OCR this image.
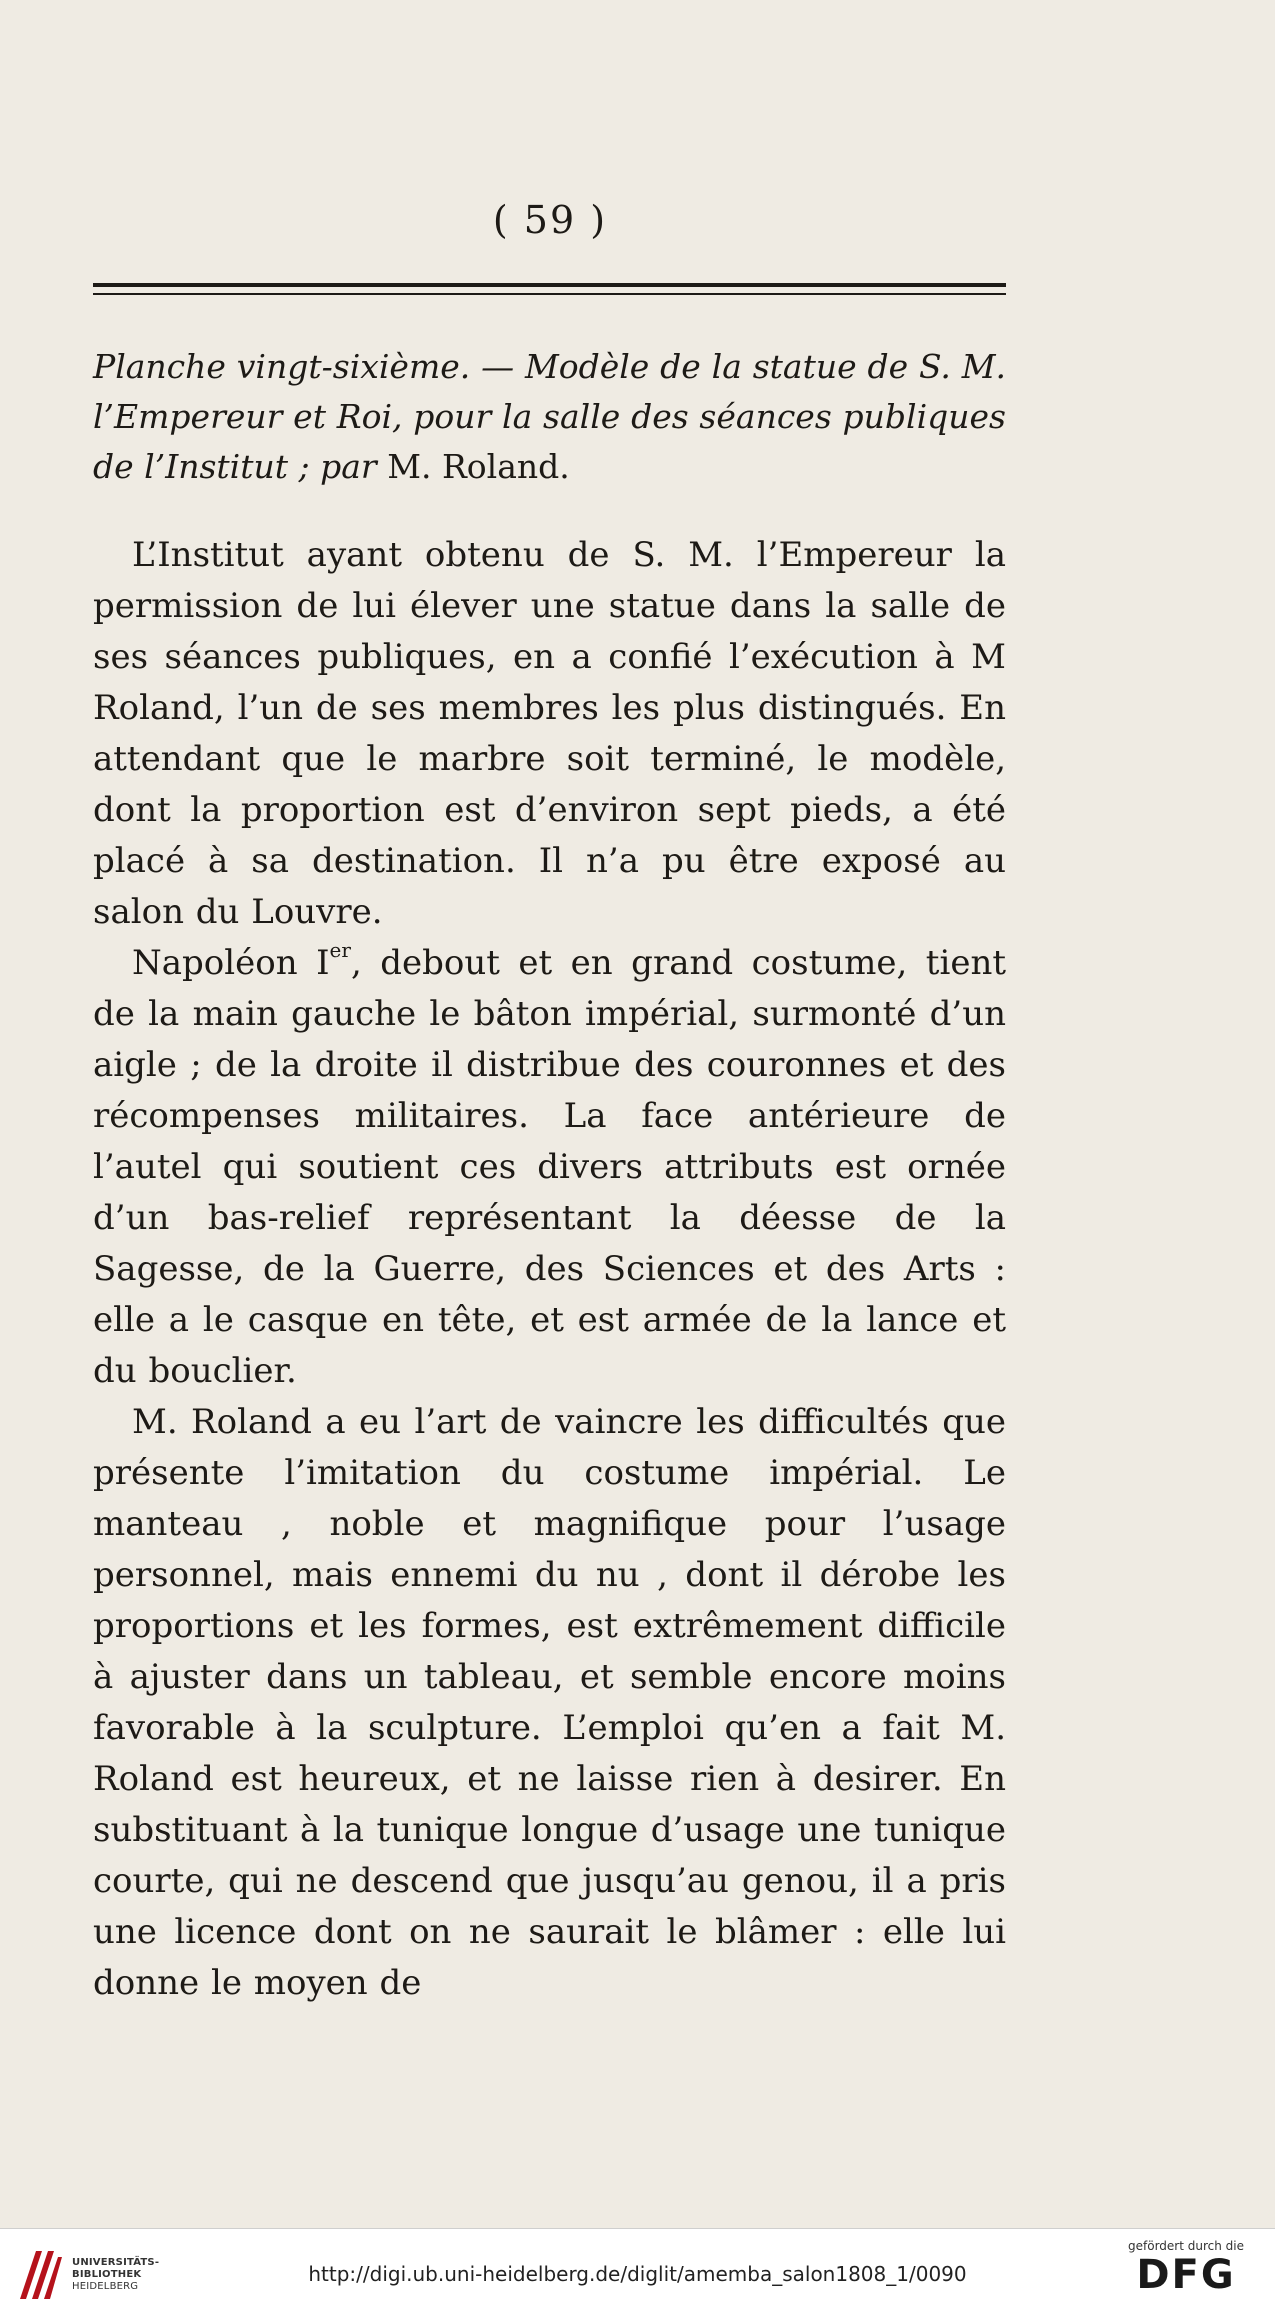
( 59 )
Planche vingt-sixième. — Modèle de la statue de S. M. l’Empereur et Roi, pour la salle des séances publiques de l’Institut ; par M. Roland.

L’Institut ayant obtenu de S. M. l’Empereur la permission de lui élever une statue dans la salle de ses séances publiques, en a confié l’exécution à M Roland, l’un de ses membres les plus distingués. En attendant que le marbre soit terminé, le modèle, dont la proportion est d’environ sept pieds, a été placé à sa destination. Il n’a pu être exposé au salon du Louvre.

Napoléon Ier, debout et en grand costume, tient de la main gauche le bâton impérial, surmonté d’un aigle ; de la droite il distribue des couronnes et des récompenses militaires. La face antérieure de l’autel qui soutient ces divers attributs est ornée d’un bas-relief représentant la déesse de la Sagesse, de la Guerre, des Sciences et des Arts : elle a le casque en tête, et est armée de la lance et du bouclier.

M. Roland a eu l’art de vaincre les difficultés que présente l’imitation du costume impérial. Le manteau , noble et magnifique pour l’usage personnel, mais ennemi du nu , dont il dérobe les proportions et les formes, est extrêmement difficile à ajuster dans un tableau, et semble encore moins favorable à la sculpture. L’emploi qu’en a fait M. Roland est heureux, et ne laisse rien à desirer. En substituant à la tunique longue d’usage une tunique courte, qui ne descend que jusqu’au genou, il a pris une licence dont on ne saurait le blâmer : elle lui donne le moyen de

UNIVERSITÄTS-
BIBLIOTHEK
HEIDELBERG
http://digi.ub.uni-heidelberg.de/diglit/amemba_salon1808_1/0090
gefördert durch die
DFG
